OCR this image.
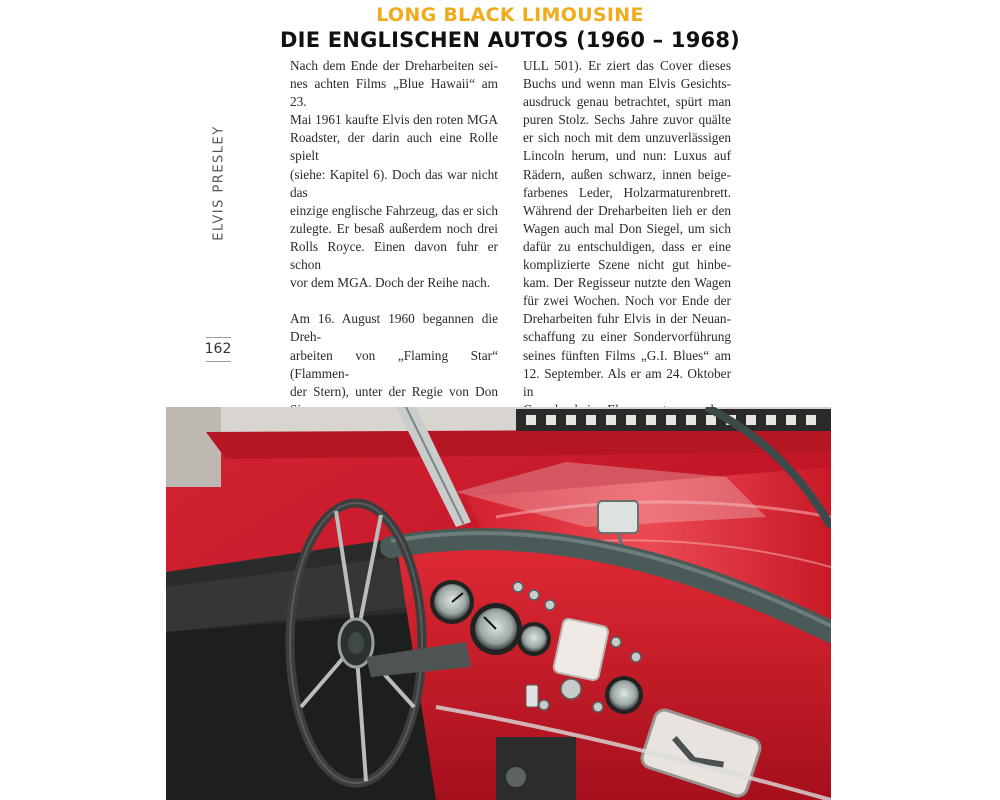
LONG BLACK LIMOUSINE
DIE ENGLISCHEN AUTOS (1960 – 1968)
ELVIS PRESLEY
162

Nach dem Ende der Dreharbeiten sei-

nes achten Films „Blue Hawaii“ am 23.

Mai 1961 kaufte Elvis den roten MGA

Roadster, der darin auch eine Rolle spielt

(siehe: Kapitel 6). Doch das war nicht das

einzige englische Fahrzeug, das er sich

zulegte. Er besaß außerdem noch drei

Rolls Royce. Einen davon fuhr er schon

vor dem MGA. Doch der Reihe nach.

Am 16. August 1960 begannen die Dreh-

arbeiten von „Flaming Star“ (Flammen-

der Stern), unter der Regie von Don

ULL 501). Er ziert das Cover dieses

Buchs und wenn man Elvis Gesichts-

ausdruck genau betrachtet, spürt man

puren Stolz. Sechs Jahre zuvor quälte

er sich noch mit dem unzuverlässigen

Lincoln herum, und nun: Luxus auf

Rädern, außen schwarz, innen beige-

farbenes Leder, Holzarmaturenbrett.

Während der Dreharbeiten lieh er den

Wagen auch mal Don Siegel, um sich

dafür zu entschuldigen, dass er eine

komplizierte Szene nicht gut hinbe-

kam. Der Regisseur nutzte den Wagen

für zwei Wochen. Noch vor Ende der

Dreharbeiten fuhr Elvis in der Neuan-

schaffung zu einer Sondervorführung

seines fünften Films „G.I. Blues“ am

12. September. Als er am 24. Oktober in
